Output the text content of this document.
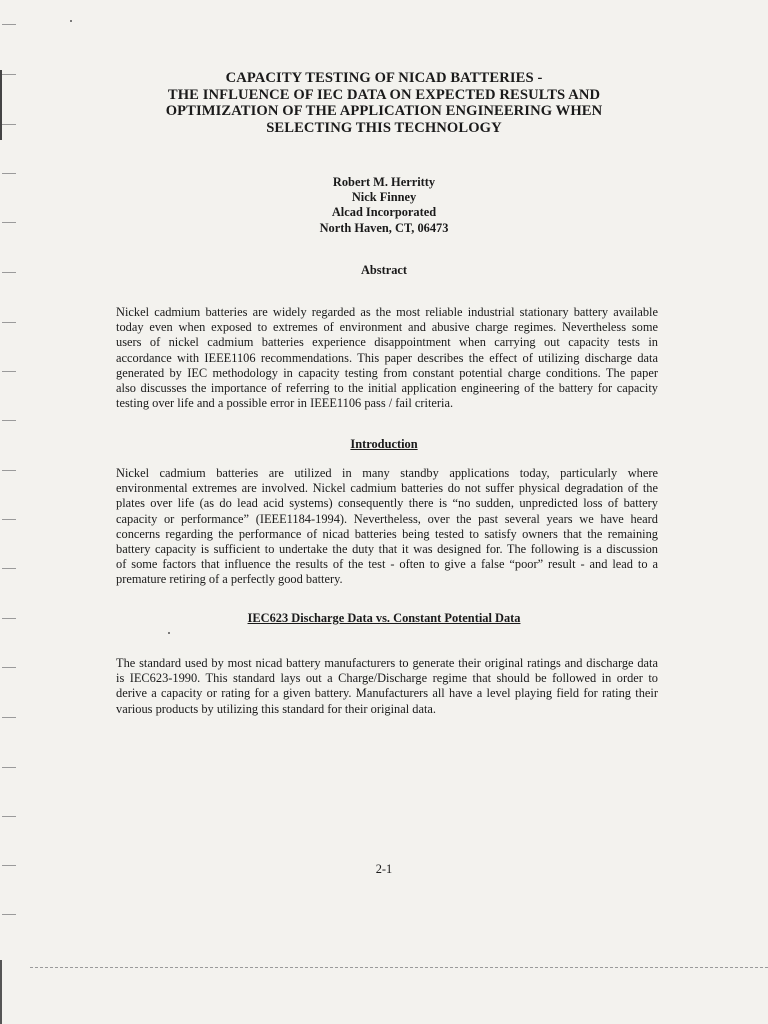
CAPACITY TESTING OF NICAD BATTERIES -
THE INFLUENCE OF IEC DATA ON EXPECTED RESULTS AND
OPTIMIZATION OF THE APPLICATION ENGINEERING WHEN
SELECTING THIS TECHNOLOGY
Robert M. Herritty
Nick Finney
Alcad Incorporated
North Haven, CT, 06473
Abstract
Nickel cadmium batteries are widely regarded as the most reliable industrial stationary battery available
today even when exposed to extremes of environment and abusive charge regimes. Nevertheless some
users of nickel cadmium batteries experience disappointment when carrying out capacity tests in
accordance with IEEE1106 recommendations. This paper describes the effect of utilizing discharge data
generated by IEC methodology in capacity testing from constant potential charge conditions. The paper
also discusses the importance of referring to the initial application engineering of the battery for capacity
testing over life and a possible error in IEEE1106 pass / fail criteria.
Introduction
Nickel cadmium batteries are utilized in many standby applications today, particularly where
environmental extremes are involved. Nickel cadmium batteries do not suffer physical degradation of the
plates over life (as do lead acid systems) consequently there is “no sudden, unpredicted loss of battery
capacity or performance” (IEEE1184-1994). Nevertheless, over the past several years we have heard
concerns regarding the performance of nicad batteries being tested to satisfy owners that the remaining
battery capacity is sufficient to undertake the duty that it was designed for. The following is a discussion
of some factors that influence the results of the test - often to give a false “poor” result - and lead to a
premature retiring of a perfectly good battery.
IEC623 Discharge Data vs. Constant Potential Data
The standard used by most nicad battery manufacturers to generate their original ratings and discharge data
is IEC623-1990. This standard lays out a Charge/Discharge regime that should be followed in order to
derive a capacity or rating for a given battery. Manufacturers all have a level playing field for rating their
various products by utilizing this standard for their original data.
2-1
